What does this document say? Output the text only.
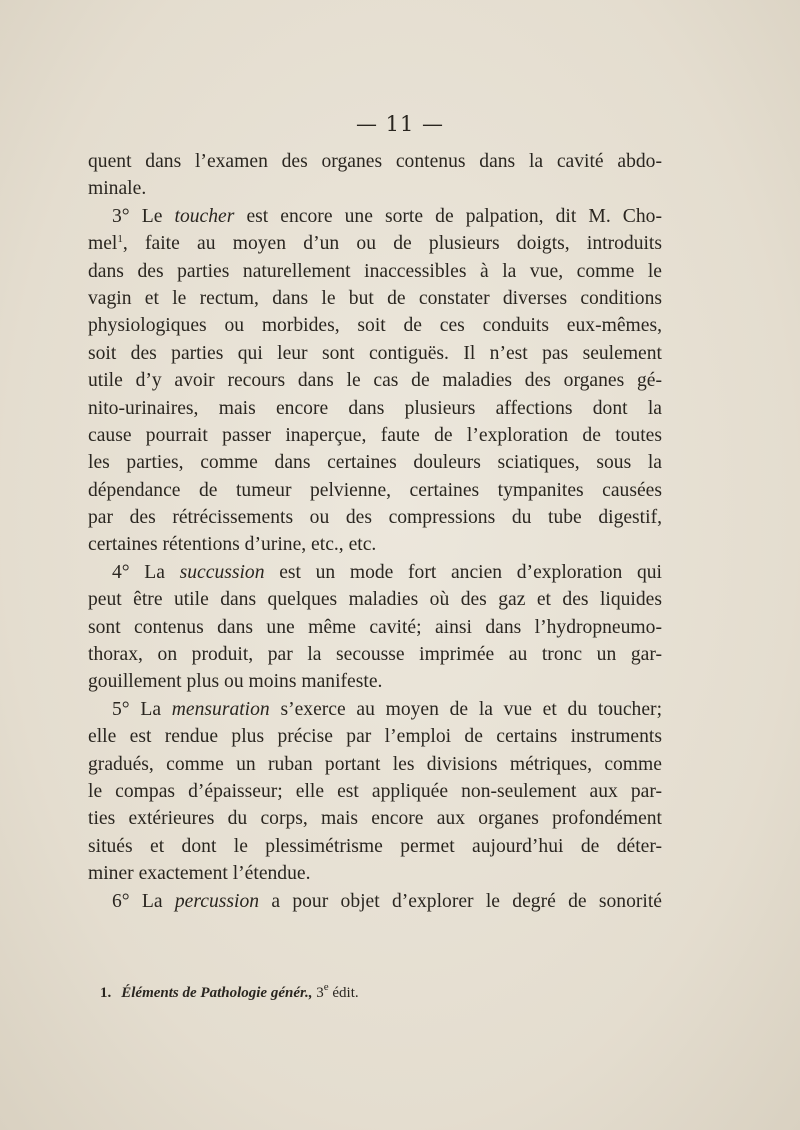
— 11 —
quent dans l’examen des organes contenus dans la cavité abdo-
minale.
3° Le toucher est encore une sorte de palpation, dit M. Cho-
mel$^1$, faite au moyen d’un ou de plusieurs doigts, introduits
dans des parties naturellement inaccessibles à la vue, comme le
vagin et le rectum, dans le but de constater diverses conditions
physiologiques ou morbides, soit de ces conduits eux-mêmes,
soit des parties qui leur sont contiguës. Il n’est pas seulement
utile d’y avoir recours dans le cas de maladies des organes gé-
nito-urinaires, mais encore dans plusieurs affections dont la
cause pourrait passer inaperçue, faute de l’exploration de toutes
les parties, comme dans certaines douleurs sciatiques, sous la
dépendance de tumeur pelvienne, certaines tympanites causées
par des rétrécissements ou des compressions du tube digestif,
certaines rétentions d’urine, etc., etc.
4° La succussion est un mode fort ancien d’exploration qui
peut être utile dans quelques maladies où des gaz et des liquides
sont contenus dans une même cavité; ainsi dans l’hydropneumo-
thorax, on produit, par la secousse imprimée au tronc un gar-
gouillement plus ou moins manifeste.
5° La mensuration s’exerce au moyen de la vue et du toucher;
elle est rendue plus précise par l’emploi de certains instruments
gradués, comme un ruban portant les divisions métriques, comme
le compas d’épaisseur; elle est appliquée non-seulement aux par-
ties extérieures du corps, mais encore aux organes profondément
situés et dont le plessimétrisme permet aujourd’hui de déter-
miner exactement l’étendue.
6° La percussion a pour objet d’explorer le degré de sonorité
1. Éléments de Pathologie génér., 3e édit.
